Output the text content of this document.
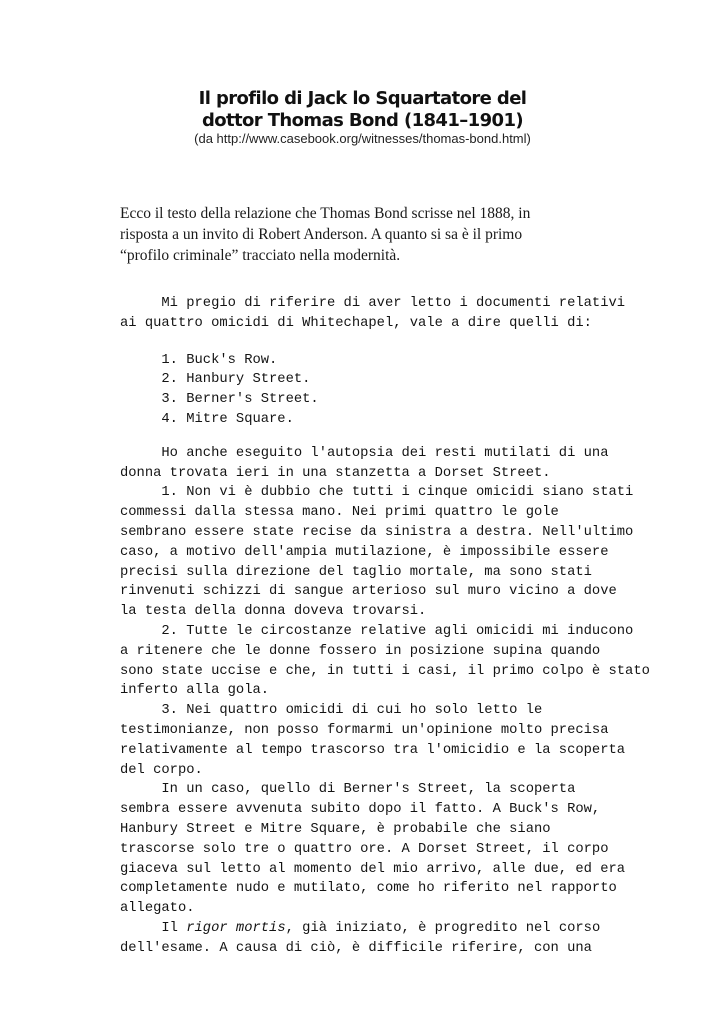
Il profilo di Jack lo Squartatore del
dottor Thomas Bond (1841–1901)
(da http://www.casebook.org/witnesses/thomas-bond.html)
Ecco il testo della relazione che Thomas Bond scrisse nel 1888, in
risposta a un invito di Robert Anderson. A quanto si sa è il primo
“profilo criminale” tracciato nella modernità.
Mi pregio di riferire di aver letto i documenti relativi
ai quattro omicidi di Whitechapel, vale a dire quelli di:
1. Buck's Row.
2. Hanbury Street.
3. Berner's Street.
4. Mitre Square.
Ho anche eseguito l'autopsia dei resti mutilati di una
donna trovata ieri in una stanzetta a Dorset Street.
1. Non vi è dubbio che tutti i cinque omicidi siano stati
commessi dalla stessa mano. Nei primi quattro le gole
sembrano essere state recise da sinistra a destra. Nell'ultimo
caso, a motivo dell'ampia mutilazione, è impossibile essere
precisi sulla direzione del taglio mortale, ma sono stati
rinvenuti schizzi di sangue arterioso sul muro vicino a dove
la testa della donna doveva trovarsi.
2. Tutte le circostanze relative agli omicidi mi inducono
a ritenere che le donne fossero in posizione supina quando
sono state uccise e che, in tutti i casi, il primo colpo è stato
inferto alla gola.
3. Nei quattro omicidi di cui ho solo letto le
testimonianze, non posso formarmi un'opinione molto precisa
relativamente al tempo trascorso tra l'omicidio e la scoperta
del corpo.
In un caso, quello di Berner's Street, la scoperta
sembra essere avvenuta subito dopo il fatto. A Buck's Row,
Hanbury Street e Mitre Square, è probabile che siano
trascorse solo tre o quattro ore. A Dorset Street, il corpo
giaceva sul letto al momento del mio arrivo, alle due, ed era
completamente nudo e mutilato, come ho riferito nel rapporto
allegato.
Il rigor mortis, già iniziato, è progredito nel corso
dell'esame. A causa di ciò, è difficile riferire, con una
